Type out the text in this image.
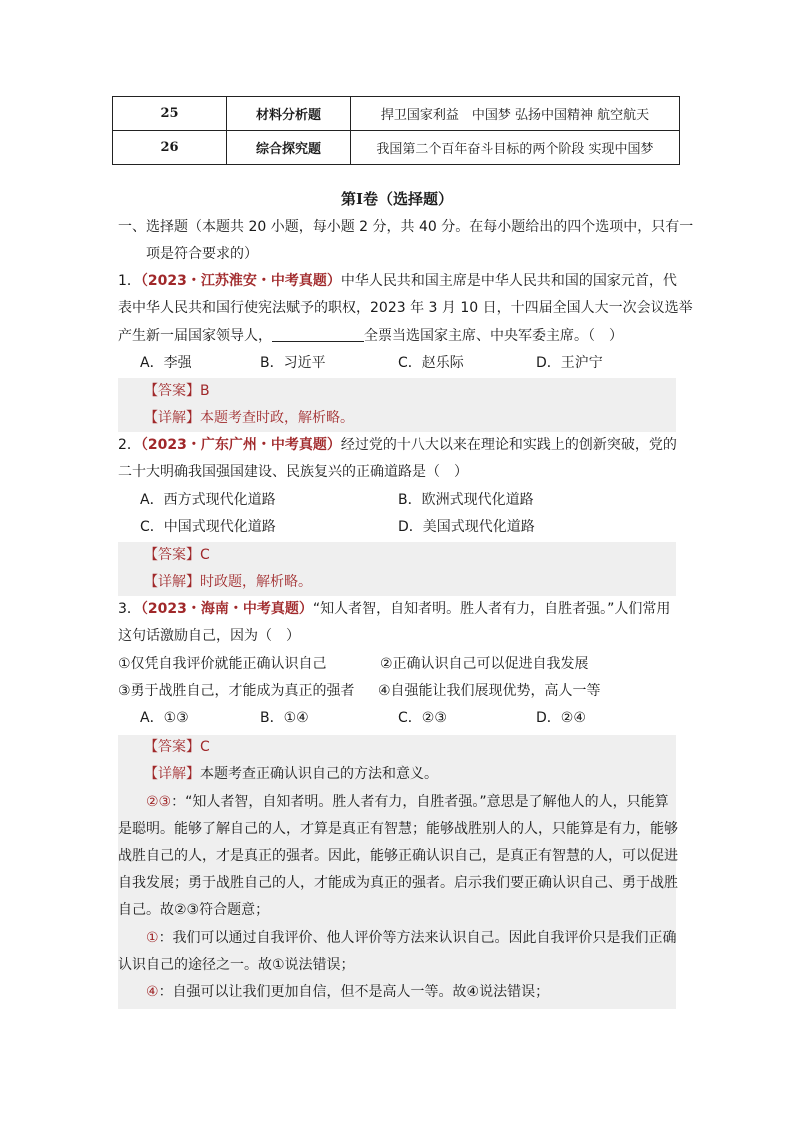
25	材料分析题	捍卫国家利益　中国梦 弘扬中国精神 航空航天
26	综合探究题	我国第二个百年奋斗目标的两个阶段 实现中国梦
第Ⅰ卷（选择题）
一、选择题（本题共 20 小题，每小题 2 分，共 40 分。在每小题给出的四个选项中，只有一
项是符合要求的）
1．（2023・江苏淮安・中考真题）中华人民共和国主席是中华人民共和国的国家元首，代
表中华人民共和国行使宪法赋予的职权，2023 年 3 月 10 日，十四届全国人大一次会议选举
产生新一届国家领导人，	全票当选国家主席、中央军委主席。（　）
A．李强	B．习近平	C．赵乐际	D．王沪宁
【答案】B
【详解】本题考查时政，解析略。
2．（2023・广东广州・中考真题）经过党的十八大以来在理论和实践上的创新突破，党的
二十大明确我国强国建设、民族复兴的正确道路是（　）
A．西方式现代化道路	B．欧洲式现代化道路
C．中国式现代化道路	D．美国式现代化道路
【答案】C
【详解】时政题，解析略。
3．（2023・海南・中考真题）“知人者智，自知者明。胜人者有力，自胜者强。”人们常用
这句话激励自己，因为（　）
①仅凭自我评价就能正确认识自己	②正确认识自己可以促进自我发展
③勇于战胜自己，才能成为真正的强者 ④自强能让我们展现优势，高人一等
A．①③	B．①④	C．②③	D．②④
【答案】C
【详解】本题考查正确认识自己的方法和意义。
②③：“知人者智，自知者明。胜人者有力，自胜者强。”意思是了解他人的人，只能算
是聪明。能够了解自己的人，才算是真正有智慧；能够战胜别人的人，只能算是有力，能够
战胜自己的人，才是真正的强者。因此，能够正确认识自己，是真正有智慧的人，可以促进
自我发展；勇于战胜自己的人，才能成为真正的强者。启示我们要正确认识自己、勇于战胜
自己。故②③符合题意；
①：我们可以通过自我评价、他人评价等方法来认识自己。因此自我评价只是我们正确
认识自己的途径之一。故①说法错误；
④：自强可以让我们更加自信，但不是高人一等。故④说法错误；
